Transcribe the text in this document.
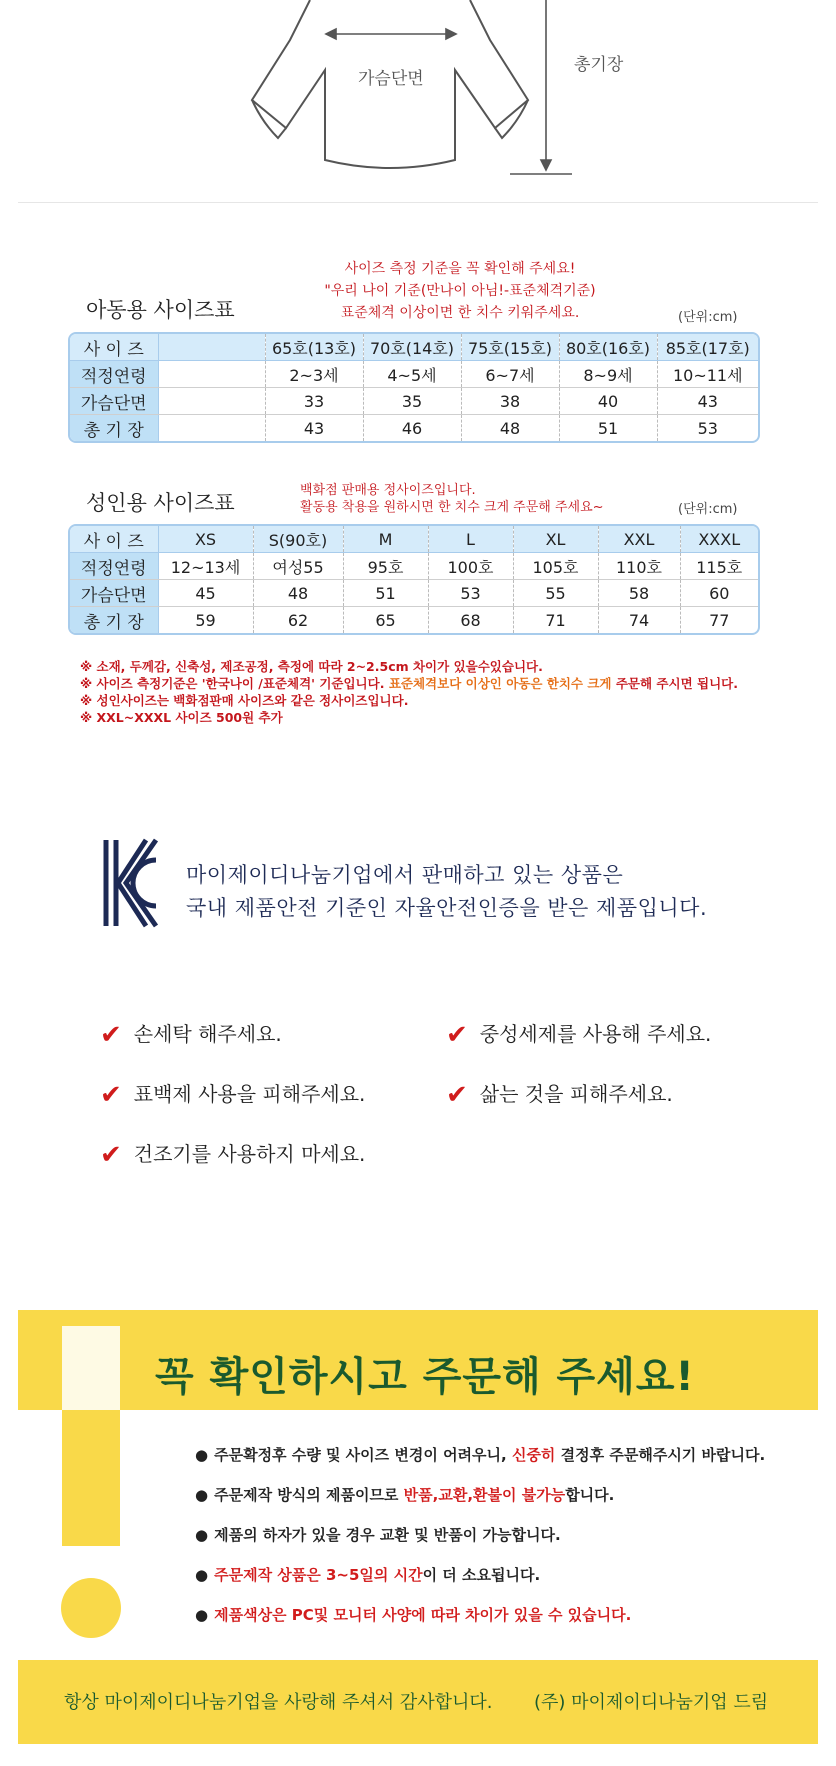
가슴단면
총기장
아동용 사이즈표
사이즈 측정 기준을 꼭 확인해 주세요!
"우리 나이 기준(만나이 아님!-표준체격기준)
표준체격 이상이면 한 치수 키워주세요.	(단위:cm)
사 이 즈		65호(13호)	70호(14호)	75호(15호)	80호(16호)	85호(17호)
적정연령		2~3세	4~5세	6~7세	8~9세	10~11세
가슴단면		33	35	38	40	43
총 기 장		43	46	48	51	53
성인용 사이즈표
백화점 판매용 정사이즈입니다.
활동용 착용을 원하시면 한 치수 크게 주문해 주세요~	(단위:cm)
사 이 즈	XS	S(90호)	M	L	XL	XXL	XXXL
적정연령	12~13세	여성55	95호	100호	105호	110호	115호
가슴단면	45	48	51	53	55	58	60
총 기 장	59	62	65	68	71	74	77
※ 소재, 두께감, 신축성, 제조공정, 측정에 따라 2~2.5cm 차이가 있을수있습니다.
※ 사이즈 측정기준은 '한국나이 /표준체격' 기준입니다. 표준체격보다 이상인 아동은 한치수 크게 주문해 주시면 됩니다.
※ 성인사이즈는 백화점판매 사이즈와 같은 정사이즈입니다.
※ XXL~XXXL 사이즈 500원 추가
마이제이디나눔기업에서 판매하고 있는 상품은
국내 제품안전 기준인 자율안전인증을 받은 제품입니다.
✔ 손세탁 해주세요.	✔ 중성세제를 사용해 주세요.
✔ 표백제 사용을 피해주세요.	✔ 삶는 것을 피해주세요.
✔ 건조기를 사용하지 마세요.
꼭 확인하시고 주문해 주세요!
● 주문확정후 수량 및 사이즈 변경이 어려우니, 신중히 결정후 주문해주시기 바랍니다.
● 주문제작 방식의 제품이므로 반품,교환,환불이 불가능합니다.
● 제품의 하자가 있을 경우 교환 및 반품이 가능합니다.
● 주문제작 상품은 3~5일의 시간이 더 소요됩니다.
● 제품색상은 PC및 모니터 사양에 따라 차이가 있을 수 있습니다.
항상 마이제이디나눔기업을 사랑해 주셔서 감사합니다. (주) 마이제이디나눔기업 드림
